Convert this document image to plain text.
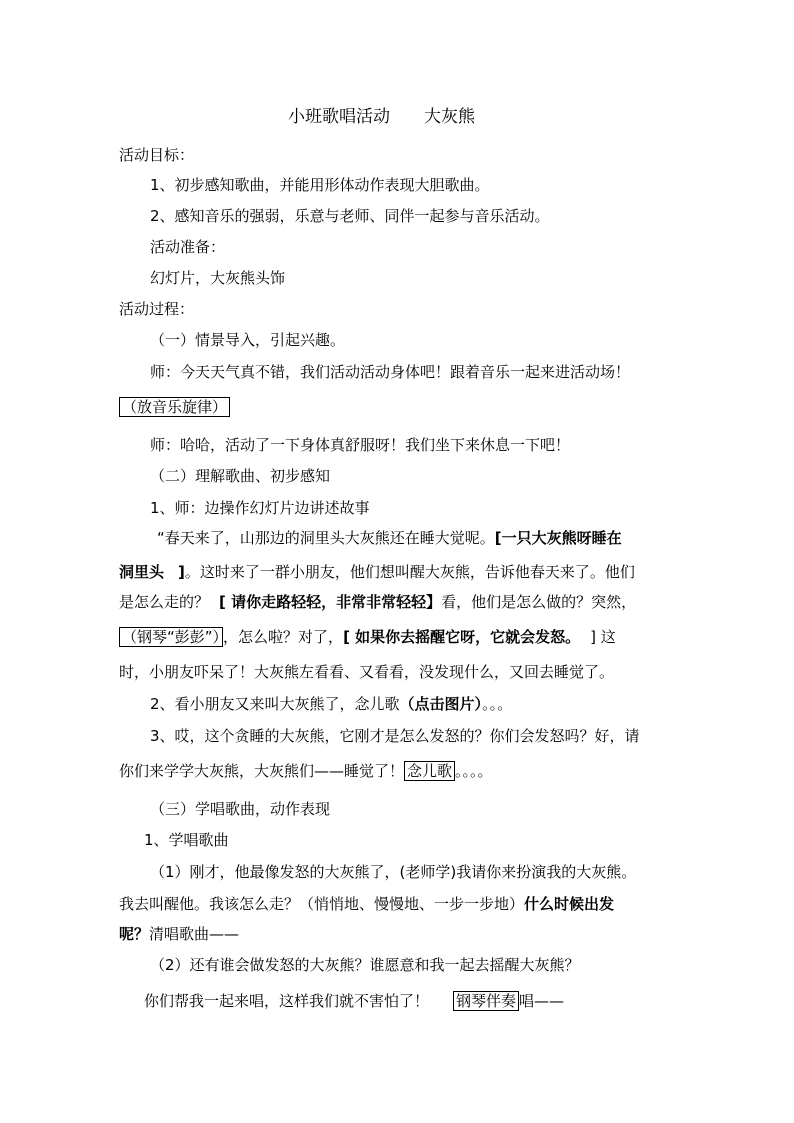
小班歌唱活动 大灰熊
活动目标：
1、初步感知歌曲，并能用形体动作表现大胆歌曲。
2、感知音乐的强弱，乐意与老师、同伴一起参与音乐活动。
活动准备：
幻灯片，大灰熊头饰
活动过程：
（一）情景导入，引起兴趣。
师：今天天气真不错，我们活动活动身体吧！跟着音乐一起来进活动场！
（放音乐旋律）
师：哈哈，活动了一下身体真舒服呀！我们坐下来休息一下吧！
（二）理解歌曲、初步感知
1、师：边操作幻灯片边讲述故事
“春天来了，山那边的洞里头大灰熊还在睡大觉呢。[一只大灰熊呀睡在
洞里头 ]。这时来了一群小朋友，他们想叫醒大灰熊，告诉他春天来了。他们
是怎么走的？ [ 请你走路轻轻，非常非常轻轻】看，他们是怎么做的？突然，
（钢琴“彭彭”） ，怎么啦？对了，[ 如果你去摇醒它呀，它就会发怒。 ] 这
时，小朋友吓呆了！大灰熊左看看、又看看，没发现什么，又回去睡觉了。
2、看小朋友又来叫大灰熊了，念儿歌（点击图片）。。。
3、哎，这个贪睡的大灰熊，它刚才是怎么发怒的？你们会发怒吗？好，请
你们来学学大灰熊，大灰熊们——睡觉了！ 念儿歌 。。。。
（三）学唱歌曲，动作表现
1、学唱歌曲
（1）刚才，他最像发怒的大灰熊了，(老师学)我请你来扮演我的大灰熊。
我去叫醒他。我该怎么走？（悄悄地、慢慢地、一步一步地）什么时候出发
呢？清唱歌曲——
（2）还有谁会做发怒的大灰熊？谁愿意和我一起去摇醒大灰熊？
你们帮我一起来唱，这样我们就不害怕了！ 钢琴伴奏 唱——
